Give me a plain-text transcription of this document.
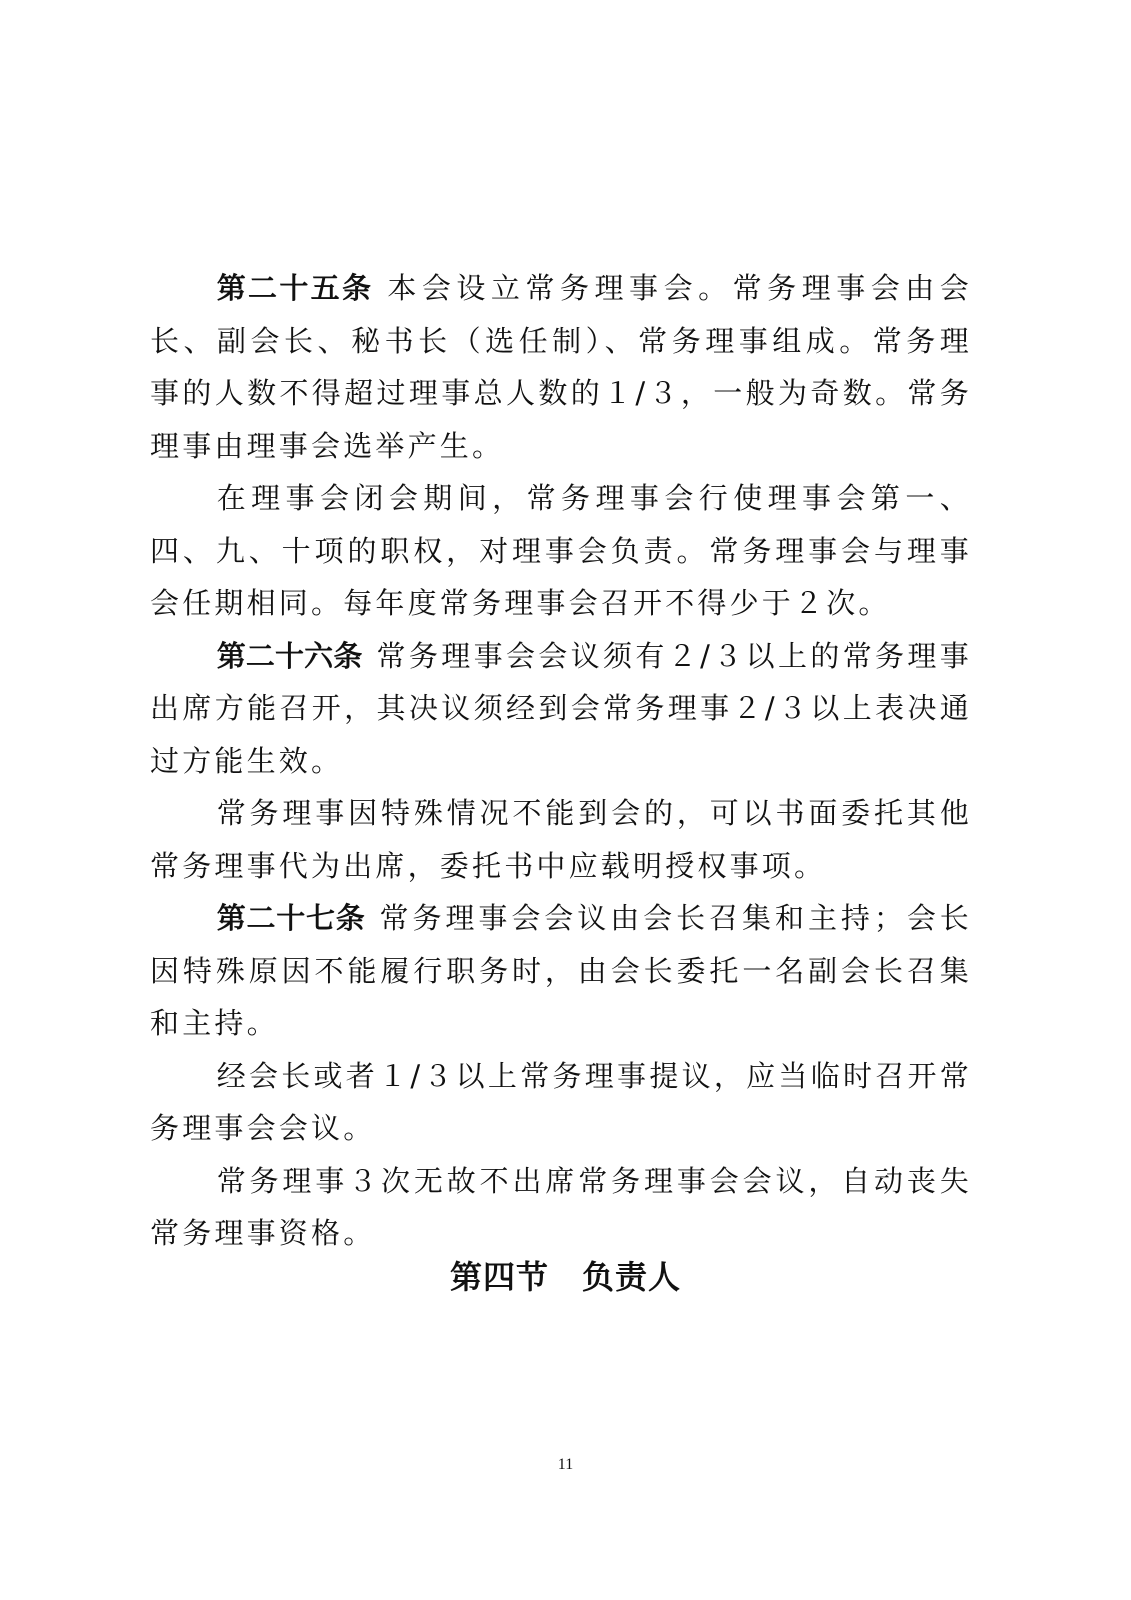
第二十五条 本会设立常务理事会。常务理事会由会长、副会长、秘书长（选任制）、常务理事组成。常务理事的人数不得超过理事总人数的１/３，一般为奇数。常务理事由理事会选举产生。

在理事会闭会期间，常务理事会行使理事会第一、四、九、十项的职权，对理事会负责。常务理事会与理事会任期相同。每年度常务理事会召开不得少于２次。

第二十六条 常务理事会会议须有２/３以上的常务理事出席方能召开，其决议须经到会常务理事２/３以上表决通过方能生效。

常务理事因特殊情况不能到会的，可以书面委托其他常务理事代为出席，委托书中应载明授权事项。

第二十七条 常务理事会会议由会长召集和主持；会长因特殊原因不能履行职务时，由会长委托一名副会长召集和主持。

经会长或者１/３以上常务理事提议，应当临时召开常务理事会会议。

常务理事３次无故不出席常务理事会会议，自动丧失常务理事资格。

第四节　负责人
11
